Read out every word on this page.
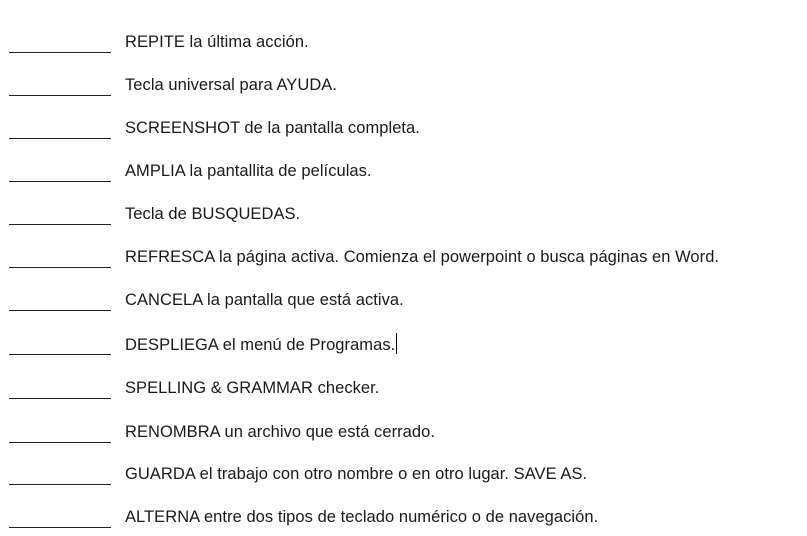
REPITE la última acción.
Tecla universal para AYUDA.
SCREENSHOT de la pantalla completa.
AMPLIA la pantallita de películas.
Tecla de BUSQUEDAS.
REFRESCA la página activa. Comienza el powerpoint o busca páginas en Word.
CANCELA la pantalla que está activa.
DESPLIEGA el menú de Programas.
SPELLING & GRAMMAR checker.
RENOMBRA un archivo que está cerrado.
GUARDA el trabajo con otro nombre o en otro lugar. SAVE AS.
ALTERNA entre dos tipos de teclado numérico o de navegación.
